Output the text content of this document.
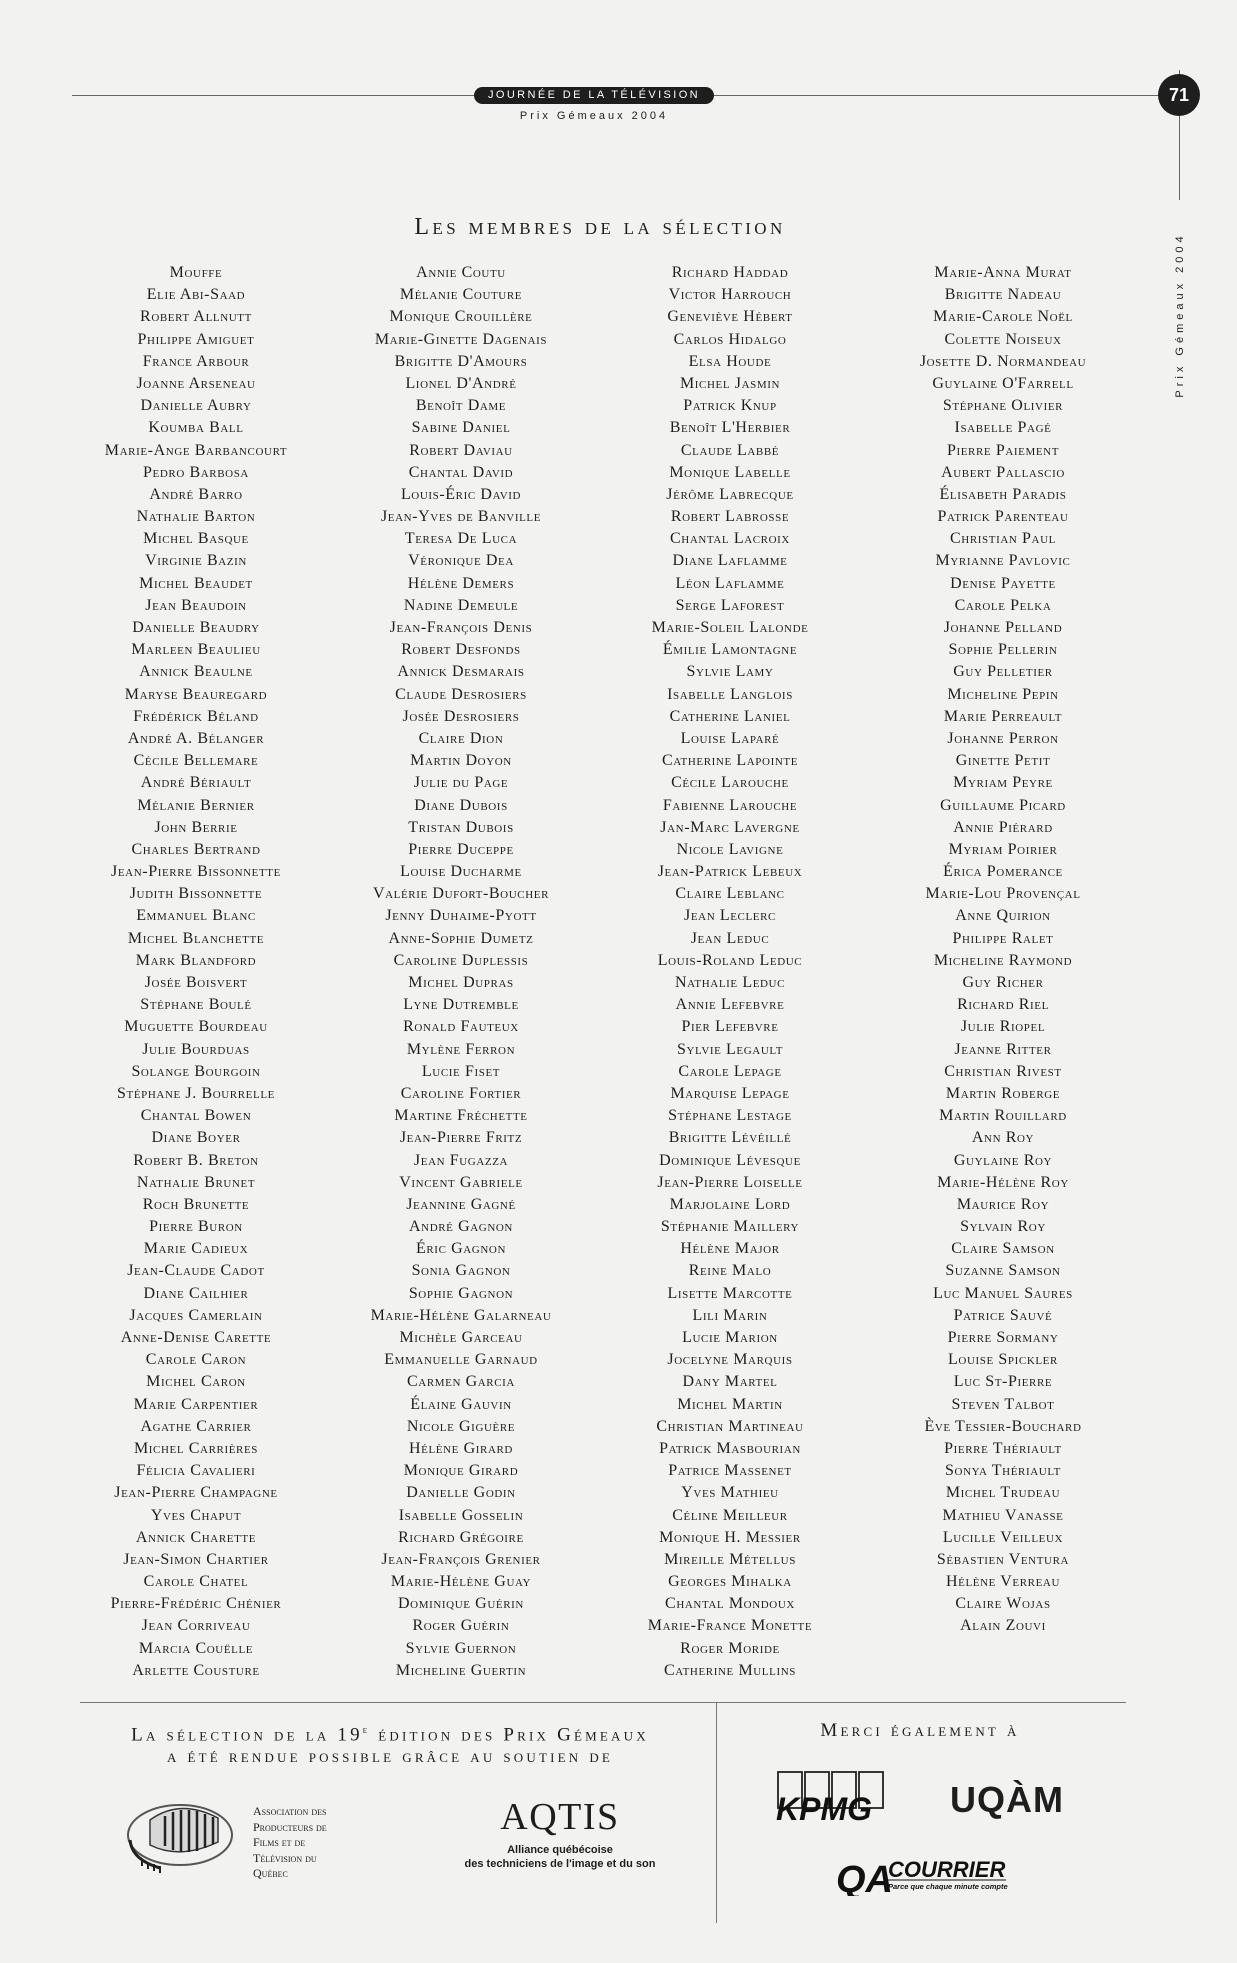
JOURNÉE DE LA TÉLÉVISION
Prix Gémeaux 2004
71
Prix Gémeaux 2004
Les membres de la sélection
Mouffe
Elie Abi-Saad
Robert Allnutt
Philippe Amiguet
France Arbour
Joanne Arseneau
Danielle Aubry
Koumba Ball
Marie-Ange Barbancourt
Pedro Barbosa
André Barro
Nathalie Barton
Michel Basque
Virginie Bazin
Michel Beaudet
Jean Beaudoin
Danielle Beaudry
Marleen Beaulieu
Annick Beaulne
Maryse Beauregard
Frédérick Béland
André A. Bélanger
Cécile Bellemare
André Bériault
Mélanie Bernier
John Berrie
Charles Bertrand
Jean-Pierre Bissonnette
Judith Bissonnette
Emmanuel Blanc
Michel Blanchette
Mark Blandford
Josée Boisvert
Stéphane Boulé
Muguette Bourdeau
Julie Bourduas
Solange Bourgoin
Stéphane J. Bourrelle
Chantal Bowen
Diane Boyer
Robert B. Breton
Nathalie Brunet
Roch Brunette
Pierre Buron
Marie Cadieux
Jean-Claude Cadot
Diane Cailhier
Jacques Camerlain
Anne-Denise Carette
Carole Caron
Michel Caron
Marie Carpentier
Agathe Carrier
Michel Carrières
Félicia Cavalieri
Jean-Pierre Champagne
Yves Chaput
Annick Charette
Jean-Simon Chartier
Carole Chatel
Pierre-Frédéric Chénier
Jean Corriveau
Marcia Couëlle
Arlette Cousture
Annie Coutu
Mélanie Couture
Monique Crouillère
Marie-Ginette Dagenais
Brigitte D'Amours
Lionel D'André
Benoît Dame
Sabine Daniel
Robert Daviau
Chantal David
Louis-Éric David
Jean-Yves de Banville
Teresa De Luca
Véronique Dea
Hélène Demers
Nadine Demeule
Jean-François Denis
Robert Desfonds
Annick Desmarais
Claude Desrosiers
Josée Desrosiers
Claire Dion
Martin Doyon
Julie du Page
Diane Dubois
Tristan Dubois
Pierre Duceppe
Louise Ducharme
Valérie Dufort-Boucher
Jenny Duhaime-Pyott
Anne-Sophie Dumetz
Caroline Duplessis
Michel Dupras
Lyne Dutremble
Ronald Fauteux
Mylène Ferron
Lucie Fiset
Caroline Fortier
Martine Fréchette
Jean-Pierre Fritz
Jean Fugazza
Vincent Gabriele
Jeannine Gagné
André Gagnon
Éric Gagnon
Sonia Gagnon
Sophie Gagnon
Marie-Hélène Galarneau
Michèle Garceau
Emmanuelle Garnaud
Carmen Garcia
Élaine Gauvin
Nicole Giguère
Hélène Girard
Monique Girard
Danielle Godin
Isabelle Gosselin
Richard Grégoire
Jean-François Grenier
Marie-Hélène Guay
Dominique Guérin
Roger Guérin
Sylvie Guernon
Micheline Guertin
Richard Haddad
Victor Harrouch
Geneviève Hébert
Carlos Hidalgo
Elsa Houde
Michel Jasmin
Patrick Knup
Benoît L'Herbier
Claude Labbé
Monique Labelle
Jérôme Labrecque
Robert Labrosse
Chantal Lacroix
Diane Laflamme
Léon Laflamme
Serge Laforest
Marie-Soleil Lalonde
Émilie Lamontagne
Sylvie Lamy
Isabelle Langlois
Catherine Laniel
Louise Laparé
Catherine Lapointe
Cécile Larouche
Fabienne Larouche
Jan-Marc Lavergne
Nicole Lavigne
Jean-Patrick Lebeux
Claire Leblanc
Jean Leclerc
Jean Leduc
Louis-Roland Leduc
Nathalie Leduc
Annie Lefebvre
Pier Lefebvre
Sylvie Legault
Carole Lepage
Marquise Lepage
Stéphane Lestage
Brigitte Lévéillé
Dominique Lévesque
Jean-Pierre Loiselle
Marjolaine Lord
Stéphanie Maillery
Hélène Major
Reine Malo
Lisette Marcotte
Lili Marin
Lucie Marion
Jocelyne Marquis
Dany Martel
Michel Martin
Christian Martineau
Patrick Masbourian
Patrice Massenet
Yves Mathieu
Céline Meilleur
Monique H. Messier
Mireille Métellus
Georges Mihalka
Chantal Mondoux
Marie-France Monette
Roger Moride
Catherine Mullins
Marie-Anna Murat
Brigitte Nadeau
Marie-Carole Noël
Colette Noiseux
Josette D. Normandeau
Guylaine O'Farrell
Stéphane Olivier
Isabelle Pagé
Pierre Paiement
Aubert Pallascio
Élisabeth Paradis
Patrick Parenteau
Christian Paul
Myrianne Pavlovic
Denise Payette
Carole Pelka
Johanne Pelland
Sophie Pellerin
Guy Pelletier
Micheline Pepin
Marie Perreault
Johanne Perron
Ginette Petit
Myriam Peyre
Guillaume Picard
Annie Piérard
Myriam Poirier
Érica Pomerance
Marie-Lou Provençal
Anne Quirion
Philippe Ralet
Micheline Raymond
Guy Richer
Richard Riel
Julie Riopel
Jeanne Ritter
Christian Rivest
Martin Roberge
Martin Rouillard
Ann Roy
Guylaine Roy
Marie-Hélène Roy
Maurice Roy
Sylvain Roy
Claire Samson
Suzanne Samson
Luc Manuel Saures
Patrice Sauvé
Pierre Sormany
Louise Spickler
Luc St-Pierre
Steven Talbot
Ève Tessier-Bouchard
Pierre Thériault
Sonya Thériault
Michel Trudeau
Mathieu Vanasse
Lucille Veilleux
Sébastien Ventura
Hélène Verreau
Claire Wojas
Alain Zouvi
La sélection de la 19e édition des Prix Gémeaux
a été rendue possible grâce au soutien de
Merci également à
Association des
Producteurs de
Films et de
Télévision du
Québec
AQTIS
Alliance québécoise
des techniciens de l'image et du son
KPMG UQÀM
QA
COURRIER
Parce que chaque minute compte
